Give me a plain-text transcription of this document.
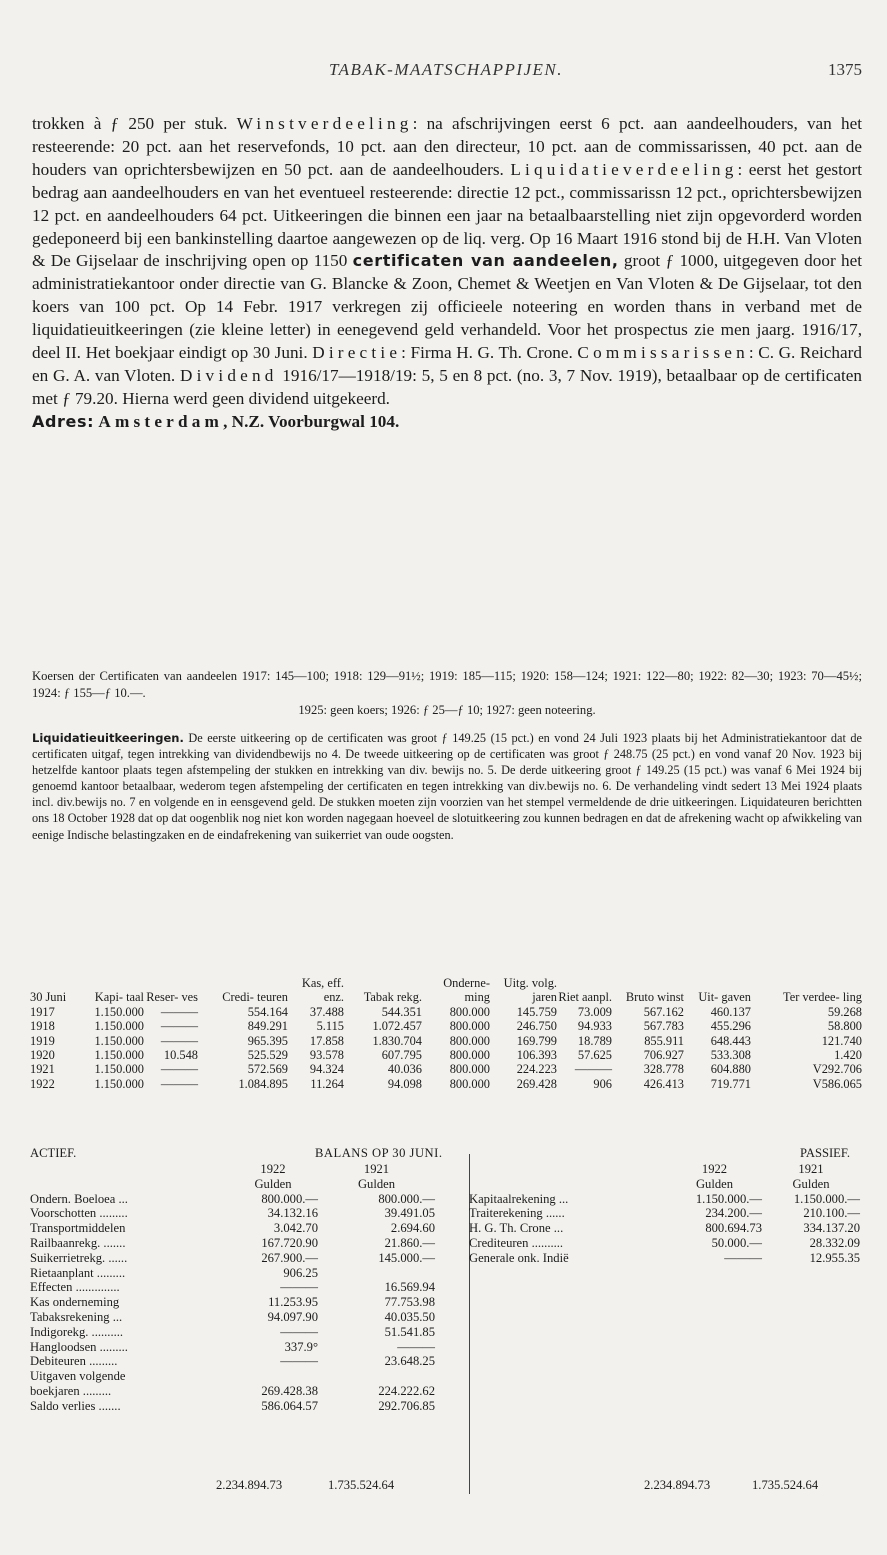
TABAK-MAATSCHAPPIJEN.	1375

trokken à ƒ 250 per stuk. Winstverdeeling: na afschrijvingen eerst 6 pct. aan aandeelhouders, van het resteerende: 20 pct. aan het reservefonds, 10 pct. aan den directeur, 10 pct. aan de commissarissen, 40 pct. aan de houders van oprichtersbewijzen en 50 pct. aan de aandeelhouders. Liquidatieverdeeling: eerst het gestort bedrag aan aandeelhouders en van het eventueel resteerende: directie 12 pct., commissarissn 12 pct., oprichtersbewijzen 12 pct. en aandeelhouders 64 pct. Uitkeeringen die binnen een jaar na betaalbaarstelling niet zijn opgevorderd worden gedeponeerd bij een bankinstelling daartoe aangewezen op de liq. verg. Op 16 Maart 1916 stond bij de H.H. Van Vloten & De Gijselaar de inschrijving open op 1150 certificaten van aandeelen, groot ƒ 1000, uitgegeven door het administratiekantoor onder directie van G. Blancke & Zoon, Chemet & Weetjen en Van Vloten & De Gijselaar, tot den koers van 100 pct. Op 14 Febr. 1917 verkregen zij officieele noteering en worden thans in verband met de liquidatieuitkeeringen (zie kleine letter) in eenegevend geld verhandeld. Voor het prospectus zie men jaarg. 1916/17, deel II. Het boekjaar eindigt op 30 Juni. Directie: Firma H. G. Th. Crone. Commissarissen: C. G. Reichard en G. A. van Vloten. Dividend 1916/17—1918/19: 5, 5 en 8 pct. (no. 3, 7 Nov. 1919), betaalbaar op de certificaten met ƒ 79.20. Hierna werd geen dividend uitgekeerd.

Adres: Amsterdam, N.Z. Voorburgwal 104.

Koersen der Certificaten van aandeelen 1917: 145—100; 1918: 129—91½; 1919: 185—115; 1920: 158—124; 1921: 122—80; 1922: 82—30; 1923: 70—45½; 1924: ƒ 155—ƒ 10.—.

1925: geen koers; 1926: ƒ 25—ƒ 10; 1927: geen noteering.

Liquidatieuitkeeringen. De eerste uitkeering op de certificaten was groot ƒ 149.25 (15 pct.) en vond 24 Juli 1923 plaats bij het Administratiekantoor dat de certificaten uitgaf, tegen intrekking van dividendbewijs no 4. De tweede uitkeering op de certificaten was groot ƒ 248.75 (25 pct.) en vond vanaf 20 Nov. 1923 bij hetzelfde kantoor plaats tegen afstempeling der stukken en intrekking van div. bewijs no. 5. De derde uitkeering groot ƒ 149.25 (15 pct.) was vanaf 6 Mei 1924 bij genoemd kantoor betaalbaar, wederom tegen afstempeling der certificaten en tegen intrekking van div.bewijs no. 6. De verhandeling vindt sedert 13 Mei 1924 plaats incl. div.bewijs no. 7 en volgende en in eensgevend geld. De stukken moeten zijn voorzien van het stempel vermeldende de drie uitkeeringen. Liquidateuren berichtten ons 18 October 1928 dat op dat oogenblik nog niet kon worden nagegaan hoeveel de slotuitkeering zou kunnen bedragen en dat de afrekening wacht op afwikkeling van eenige Indische belastingzaken en de eindafrekening van suikerriet van oude oogsten.

30 Juni	Kapi- taal	Reser- ves	Credi- teuren	Kas, eff. enz.	Tabak rekg.	Onderne- ming	Uitg. volg. jaren	Riet aanpl.	Bruto winst	Uit- gaven	Ter verdee- ling
1917	1.150.000	———	554.164	37.488	544.351	800.000	145.759	73.009	567.162	460.137	59.268
1918	1.150.000	———	849.291	5.115	1.072.457	800.000	246.750	94.933	567.783	455.296	58.800
1919	1.150.000	———	965.395	17.858	1.830.704	800.000	169.799	18.789	855.911	648.443	121.740
1920	1.150.000	10.548	525.529	93.578	607.795	800.000	106.393	57.625	706.927	533.308	1.420
1921	1.150.000	———	572.569	94.324	40.036	800.000	224.223	———	328.778	604.880	V292.706
1922	1.150.000	———	1.084.895	11.264	94.098	800.000	269.428	906	426.413	719.771	V586.065
ACTIEF.	BALANS OP 30 JUNI.	PASSIEF.
	1922	1921			1922	1921
	Gulden	Gulden			Gulden	Gulden
Ondern. Boeloea ...	800.000.—	800.000.—		Kapitaalrekening ...	1.150.000.—	1.150.000.—
Voorschotten .........	34.132.16	39.491.05		Traiterekening ......	234.200.—	210.100.—
Transportmiddelen	3.042.70	2.694.60		H. G. Th. Crone ...	800.694.73	334.137.20
Railbaanrekg. .......	167.720.90	21.860.—		Crediteuren ..........	50.000.—	28.332.09
Suikerrietrekg. ......	267.900.—	145.000.—		Generale onk. Indië	———	12.955.35
Rietaanplant .........	906.25					
Effecten ..............	———	16.569.94				
Kas onderneming	11.253.95	77.753.98				
Tabaksrekening ...	94.097.90	40.035.50				
Indigorekg. ..........	———	51.541.85				
Hangloodsen .........	337.9°	———				
Debiteuren .........	———	23.648.25				
Uitgaven volgende						
boekjaren .........	269.428.38	224.222.62				
Saldo verlies .......	586.064.57	292.706.85				
2.234.894.73	1.735.524.64	2.234.894.73	1.735.524.64
